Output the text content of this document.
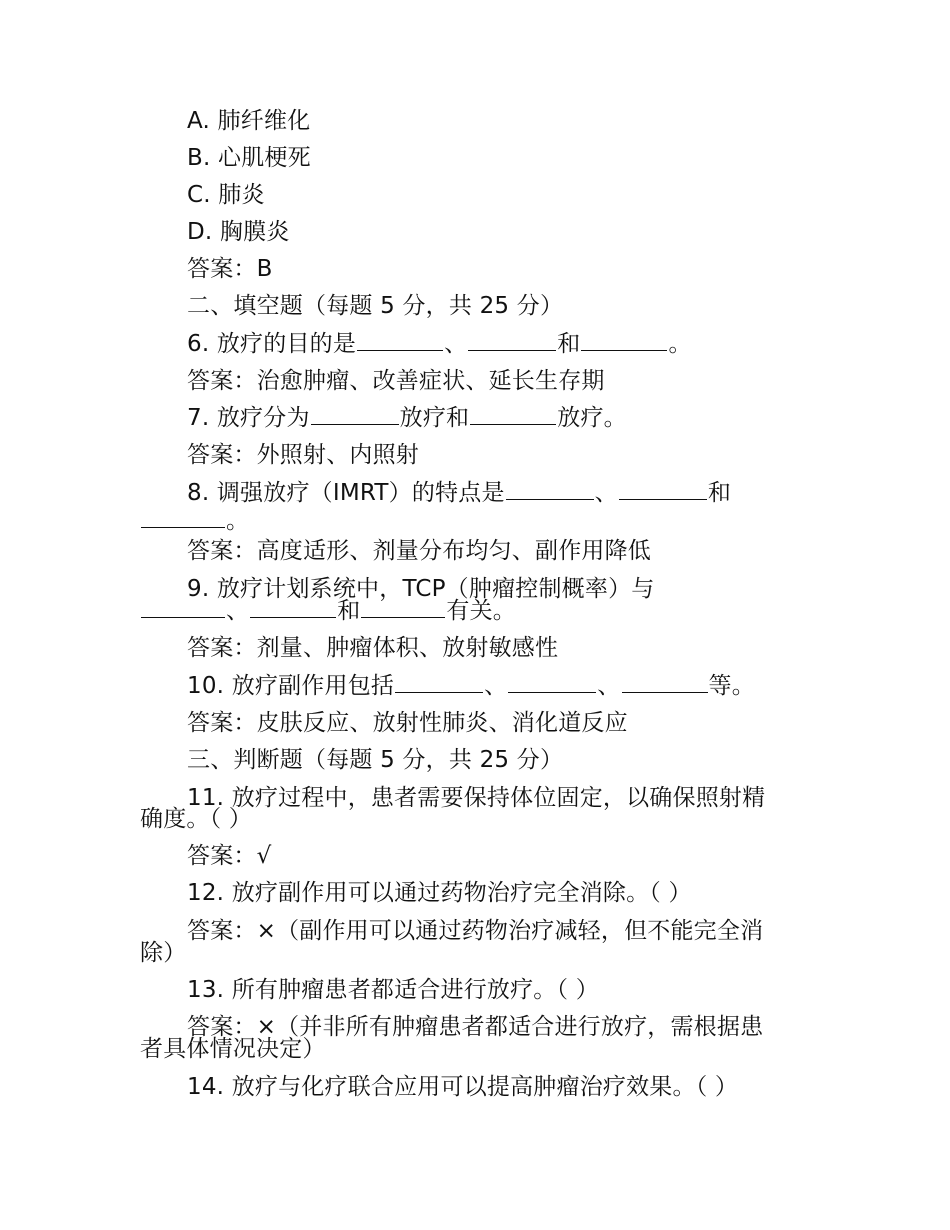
A. 肺纤维化
B. 心肌梗死
C. 肺炎
D. 胸膜炎
答案：B
二、填空题（每题 5 分，共 25 分）
6. 放疗的目的是	、	和	。
答案：治愈肿瘤、改善症状、延长生存期
7. 放疗分为	放疗和	放疗。
答案：外照射、内照射
8. 调强放疗（IMRT）的特点是	、	和
。
答案：高度适形、剂量分布均匀、副作用降低
9. 放疗计划系统中，TCP（肿瘤控制概率）与
、	和	有关。
答案：剂量、肿瘤体积、放射敏感性
10. 放疗副作用包括	、	、	等。
答案：皮肤反应、放射性肺炎、消化道反应
三、判断题（每题 5 分，共 25 分）
11. 放疗过程中，患者需要保持体位固定，以确保照射精
确度。（ ）
答案：√
12. 放疗副作用可以通过药物治疗完全消除。（ ）
答案：×（副作用可以通过药物治疗减轻，但不能完全消
除）
13. 所有肿瘤患者都适合进行放疗。（ ）
答案：×（并非所有肿瘤患者都适合进行放疗，需根据患
者具体情况决定）
14. 放疗与化疗联合应用可以提高肿瘤治疗效果。（ ）
